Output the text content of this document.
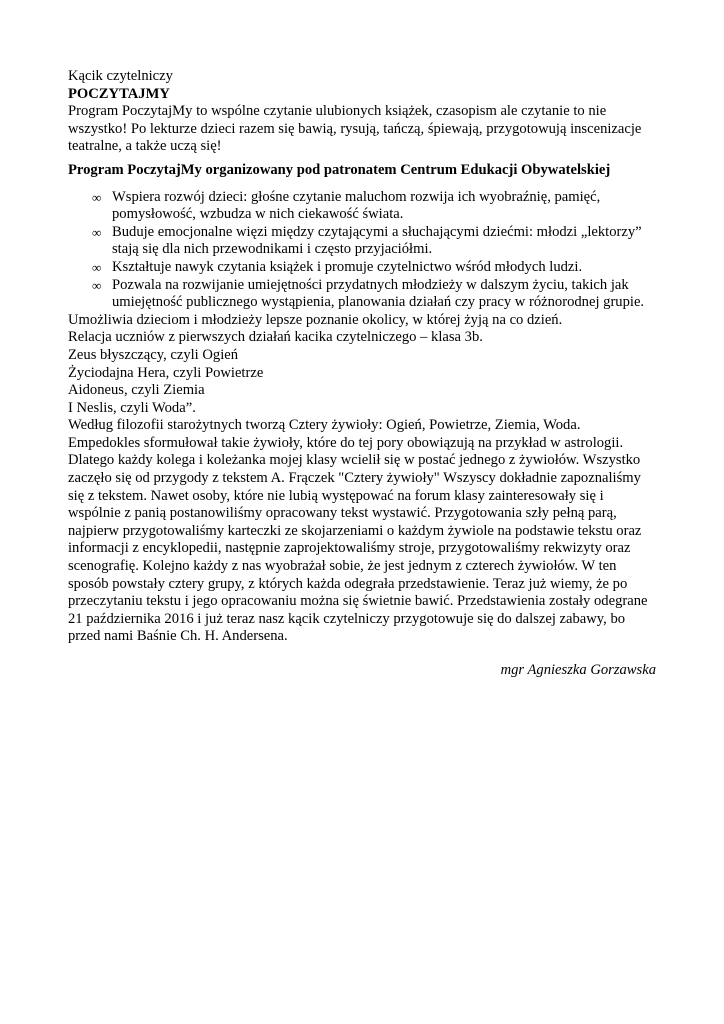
Kącik czytelniczy
POCZYTAJMY
Program PoczytajMy to wspólne czytanie ulubionych książek, czasopism ale czytanie to nie
wszystko! Po lekturze dzieci razem się bawią, rysują, tańczą, śpiewają, przygotowują inscenizacje
teatralne, a także uczą się!
Program PoczytajMy organizowany pod patronatem Centrum Edukacji Obywatelskiej
∞ Wspiera rozwój dzieci: głośne czytanie maluchom rozwija ich wyobraźnię, pamięć,
pomysłowość, wzbudza w nich ciekawość świata.
∞ Buduje emocjonalne więzi między czytającymi a słuchającymi dziećmi: młodzi „lektorzy”
stają się dla nich przewodnikami i często przyjaciółmi.
∞ Kształtuje nawyk czytania książek i promuje czytelnictwo wśród młodych ludzi.
∞ Pozwala na rozwijanie umiejętności przydatnych młodzieży w dalszym życiu, takich jak
umiejętność publicznego wystąpienia, planowania działań czy pracy w różnorodnej grupie.
Umożliwia dzieciom i młodzieży lepsze poznanie okolicy, w której żyją na co dzień.
Relacja uczniów z pierwszych działań kacika czytelniczego – klasa 3b.
Zeus błyszczący, czyli Ogień
Życiodajna Hera, czyli Powietrze
Aidoneus, czyli Ziemia
I Neslis, czyli Woda”.
Według filozofii starożytnych tworzą Cztery żywioły: Ogień, Powietrze, Ziemia, Woda.
Empedokles sformułował takie żywioły, które do tej pory obowiązują na przykład w astrologii.
Dlatego każdy kolega i koleżanka mojej klasy wcielił się w postać jednego z żywiołów. Wszystko
zaczęło się od przygody z tekstem A. Frączek "Cztery żywioły" Wszyscy dokładnie zapoznaliśmy
się z tekstem. Nawet osoby, które nie lubią występować na forum klasy zainteresowały się i
wspólnie z panią postanowiliśmy opracowany tekst wystawić. Przygotowania szły pełną parą,
najpierw przygotowaliśmy karteczki ze skojarzeniami o każdym żywiole na podstawie tekstu oraz
informacji z encyklopedii, następnie zaprojektowaliśmy stroje, przygotowaliśmy rekwizyty oraz
scenografię. Kolejno każdy z nas wyobrażał sobie, że jest jednym z czterech żywiołów. W ten
sposób powstały cztery grupy, z których każda odegrała przedstawienie. Teraz już wiemy, że po
przeczytaniu tekstu i jego opracowaniu można się świetnie bawić. Przedstawienia zostały odegrane
21 października 2016 i już teraz nasz kącik czytelniczy przygotowuje się do dalszej zabawy, bo
przed nami Baśnie Ch. H. Andersena.
mgr Agnieszka Gorzawska
